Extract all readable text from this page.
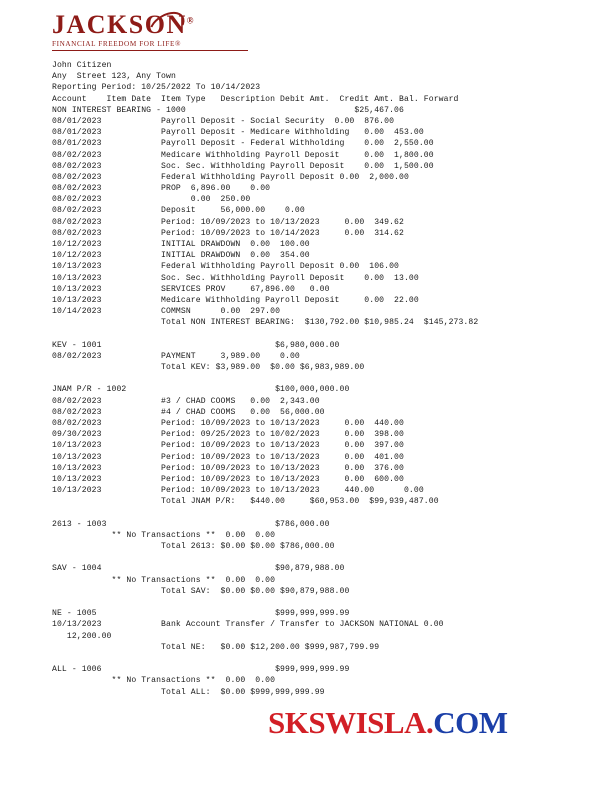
JACKSON®
FINANCIAL FREEDOM FOR LIFE®
John Citizen
Any  Street 123, Any Town
Reporting Period: 10/25/2022 To 10/14/2023
Account    Item Date  Item Type   Description Debit Amt.  Credit Amt. Bal. Forward
NON INTEREST BEARING - 1000                                  $25,467.06
08/01/2023            Payroll Deposit - Social Security  0.00  876.00
08/01/2023            Payroll Deposit - Medicare Withholding   0.00  453.00
08/01/2023            Payroll Deposit - Federal Withholding    0.00  2,550.00
08/02/2023            Medicare Withholding Payroll Deposit     0.00  1,800.00
08/02/2023            Soc. Sec. Withholding Payroll Deposit    0.00  1,500.00
08/02/2023            Federal Withholding Payroll Deposit 0.00  2,000.00
08/02/2023            PROP  6,896.00    0.00
08/02/2023                  0.00  250.00
08/02/2023            Deposit     56,000.00    0.00
08/02/2023            Period: 10/09/2023 to 10/13/2023     0.00  349.62
08/02/2023            Period: 10/09/2023 to 10/14/2023     0.00  314.62
10/12/2023            INITIAL DRAWDOWN  0.00  100.00
10/12/2023            INITIAL DRAWDOWN  0.00  354.00
10/13/2023            Federal Withholding Payroll Deposit 0.00  106.00
10/13/2023            Soc. Sec. Withholding Payroll Deposit    0.00  13.00
10/13/2023            SERVICES PROV     67,896.00   0.00
10/13/2023            Medicare Withholding Payroll Deposit     0.00  22.00
10/14/2023            COMMSN      0.00  297.00
Total NON INTEREST BEARING:  $130,792.00 $10,985.24  $145,273.82

KEV - 1001                                   $6,980,000.00
08/02/2023            PAYMENT     3,989.00    0.00
Total KEV: $3,989.00  $0.00 $6,983,989.00

JNAM P/R - 1002                              $100,000,000.00
08/02/2023            #3 / CHAD COOMS   0.00  2,343.00
08/02/2023            #4 / CHAD COOMS   0.00  56,000.00
08/02/2023            Period: 10/09/2023 to 10/13/2023     0.00  440.00
09/30/2023            Period: 09/25/2023 to 10/02/2023     0.00  398.00
10/13/2023            Period: 10/09/2023 to 10/13/2023     0.00  397.00
10/13/2023            Period: 10/09/2023 to 10/13/2023     0.00  401.00
10/13/2023            Period: 10/09/2023 to 10/13/2023     0.00  376.00
10/13/2023            Period: 10/09/2023 to 10/13/2023     0.00  600.00
10/13/2023            Period: 10/09/2023 to 10/13/2023     440.00      0.00
Total JNAM P/R:   $440.00     $60,953.00  $99,939,487.00

2613 - 1003                                  $786,000.00
** No Transactions **  0.00  0.00
Total 2613: $0.00 $0.00 $786,000.00

SAV - 1004                                   $90,879,988.00
** No Transactions **  0.00  0.00
Total SAV:  $0.00 $0.00 $90,879,988.00

NE - 1005                                    $999,999,999.99
10/13/2023            Bank Account Transfer / Transfer to JACKSON NATIONAL 0.00
12,200.00
Total NE:   $0.00 $12,200.00 $999,987,799.99

ALL - 1006                                   $999,999,999.99
** No Transactions **  0.00  0.00
Total ALL:  $0.00 $999,999,999.99
SKSWISLA.COM
